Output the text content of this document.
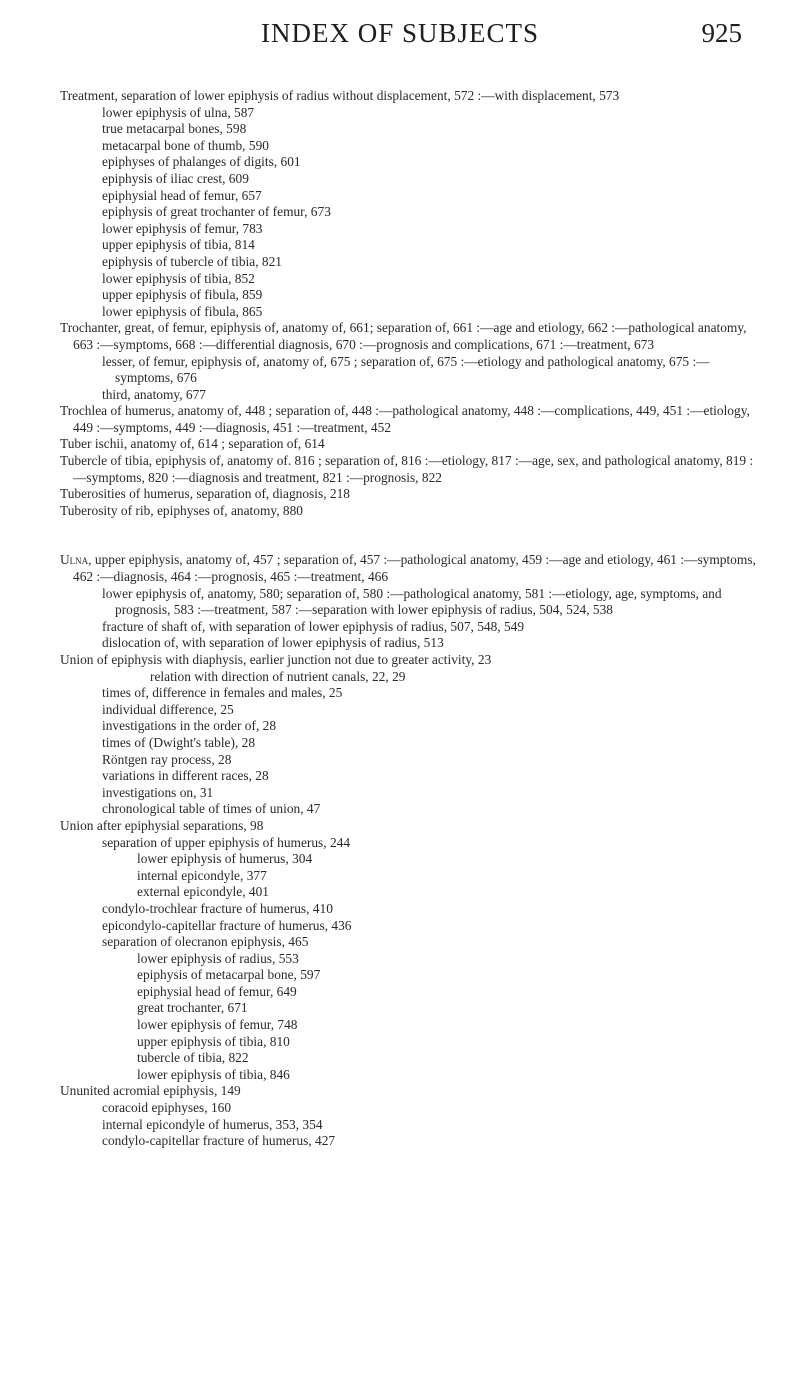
INDEX OF SUBJECTS	925

Treatment, separation of lower epiphysis of radius without displacement, 572 :—with displacement, 573

lower epiphysis of ulna, 587

true metacarpal bones, 598

metacarpal bone of thumb, 590

epiphyses of phalanges of digits, 601

epiphysis of iliac crest, 609

epiphysial head of femur, 657

epiphysis of great trochanter of femur, 673

lower epiphysis of femur, 783

upper epiphysis of tibia, 814

epiphysis of tubercle of tibia, 821

lower epiphysis of tibia, 852

upper epiphysis of fibula, 859

lower epiphysis of fibula, 865

Trochanter, great, of femur, epiphysis of, anatomy of, 661; separation of, 661 :—age and etiology, 662 :—pathological anatomy, 663 :—symptoms, 668 :—differential diagnosis, 670 :—prognosis and complications, 671 :—treatment, 673

lesser, of femur, epiphysis of, anatomy of, 675 ; separation of, 675 :—etiology and pathological anatomy, 675 :—symptoms, 676

third, anatomy, 677

Trochlea of humerus, anatomy of, 448 ; separation of, 448 :—pathological anatomy, 448 :—complications, 449, 451 :—etiology, 449 :—symptoms, 449 :—diagnosis, 451 :—treatment, 452

Tuber ischii, anatomy of, 614 ; separation of, 614

Tubercle of tibia, epiphysis of, anatomy of. 816 ; separation of, 816 :—etiology, 817 :—age, sex, and pathological anatomy, 819 :—symptoms, 820 :—diagnosis and treatment, 821 :—prognosis, 822

Tuberosities of humerus, separation of, diagnosis, 218

Tuberosity of rib, epiphyses of, anatomy, 880

Ulna, upper epiphysis, anatomy of, 457 ; separation of, 457 :—pathological anatomy, 459 :—age and etiology, 461 :—symptoms, 462 :—diagnosis, 464 :—prognosis, 465 :—treatment, 466

lower epiphysis of, anatomy, 580; separation of, 580 :—pathological anatomy, 581 :—etiology, age, symptoms, and prognosis, 583 :—treatment, 587 :—separation with lower epiphysis of radius, 504, 524, 538

fracture of shaft of, with separation of lower epiphysis of radius, 507, 548, 549

dislocation of, with separation of lower epiphysis of radius, 513

Union of epiphysis with diaphysis, earlier junction not due to greater activity, 23

relation with direction of nutrient canals, 22, 29

times of, difference in females and males, 25

individual difference, 25

investigations in the order of, 28

times of (Dwight's table), 28

Röntgen ray process, 28

variations in different races, 28

investigations on, 31

chronological table of times of union, 47

Union after epiphysial separations, 98

separation of upper epiphysis of humerus, 244

lower epiphysis of humerus, 304

internal epicondyle, 377

external epicondyle, 401

condylo-trochlear fracture of humerus, 410

epicondylo-capitellar fracture of humerus, 436

separation of olecranon epiphysis, 465

lower epiphysis of radius, 553

epiphysis of metacarpal bone, 597

epiphysial head of femur, 649

great trochanter, 671

lower epiphysis of femur, 748

upper epiphysis of tibia, 810

tubercle of tibia, 822

lower epiphysis of tibia, 846

Ununited acromial epiphysis, 149

coracoid epiphyses, 160

internal epicondyle of humerus, 353, 354

condylo-capitellar fracture of humerus, 427
